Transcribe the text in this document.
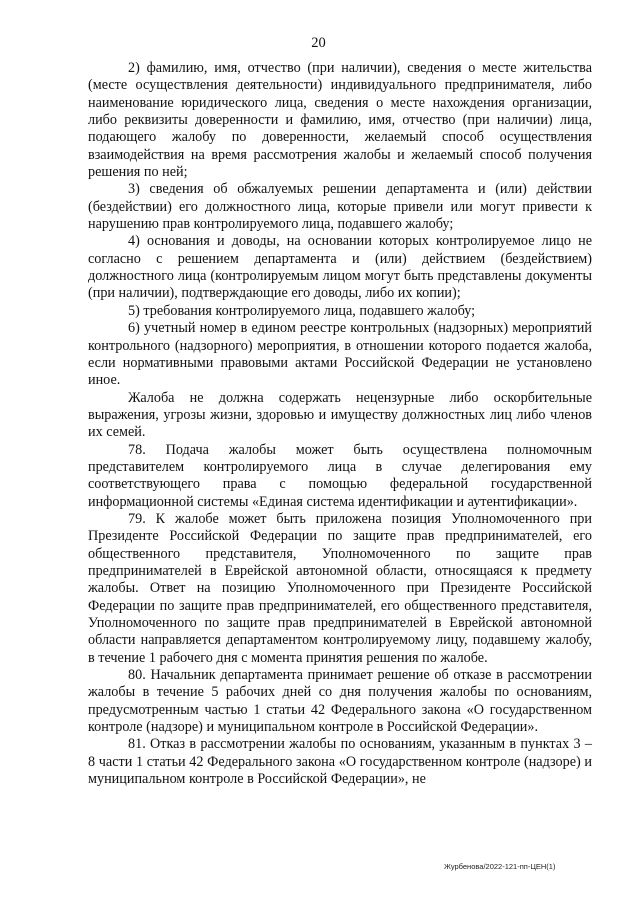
20

2) фамилию, имя, отчество (при наличии), сведения о месте жительства (месте осуществления деятельности) индивидуального предпринимателя, либо наименование юридического лица, сведения о месте нахождения организации, либо реквизиты доверенности и фамилию, имя, отчество (при наличии) лица, подающего жалобу по доверенности, желаемый способ осуществления взаимодействия на время рассмотрения жалобы и желаемый способ получения решения по ней;

3) сведения об обжалуемых решении департамента и (или) действии (бездействии) его должностного лица, которые привели или могут привести к нарушению прав контролируемого лица, подавшего жалобу;

4) основания и доводы, на основании которых контролируемое лицо не согласно с решением департамента и (или) действием (бездействием) должностного лица (контролируемым лицом могут быть представлены документы (при наличии), подтверждающие его доводы, либо их копии);

5) требования контролируемого лица, подавшего жалобу;

6) учетный номер в едином реестре контрольных (надзорных) мероприятий контрольного (надзорного) мероприятия, в отношении которого подается жалоба, если нормативными правовыми актами Российской Федерации не установлено иное.

Жалоба не должна содержать нецензурные либо оскорбительные выражения, угрозы жизни, здоровью и имуществу должностных лиц либо членов их семей.

78. Подача жалобы может быть осуществлена полномочным представителем контролируемого лица в случае делегирования ему соответствующего права с помощью федеральной государственной информационной системы «Единая система идентификации и аутентификации».

79. К жалобе может быть приложена позиция Уполномоченного при Президенте Российской Федерации по защите прав предпринимателей, его общественного представителя, Уполномоченного по защите прав предпринимателей в Еврейской автономной области, относящаяся к предмету жалобы. Ответ на позицию Уполномоченного при Президенте Российской Федерации по защите прав предпринимателей, его общественного представителя, Уполномоченного по защите прав предпринимателей в Еврейской автономной области направляется департаментом контролируемому лицу, подавшему жалобу, в течение 1 рабочего дня с момента принятия решения по жалобе.

80. Начальник департамента принимает решение об отказе в рассмотрении жалобы в течение 5 рабочих дней со дня получения жалобы по основаниям, предусмотренным частью 1 статьи 42 Федерального закона «О государственном контроле (надзоре) и муниципальном контроле в Российской Федерации».

81. Отказ в рассмотрении жалобы по основаниям, указанным в пунктах 3 – 8 части 1 статьи 42 Федерального закона «О государственном контроле (надзоре) и муниципальном контроле в Российской Федерации», не

Журбенова/2022-121-пп-ЦЕН(1)
